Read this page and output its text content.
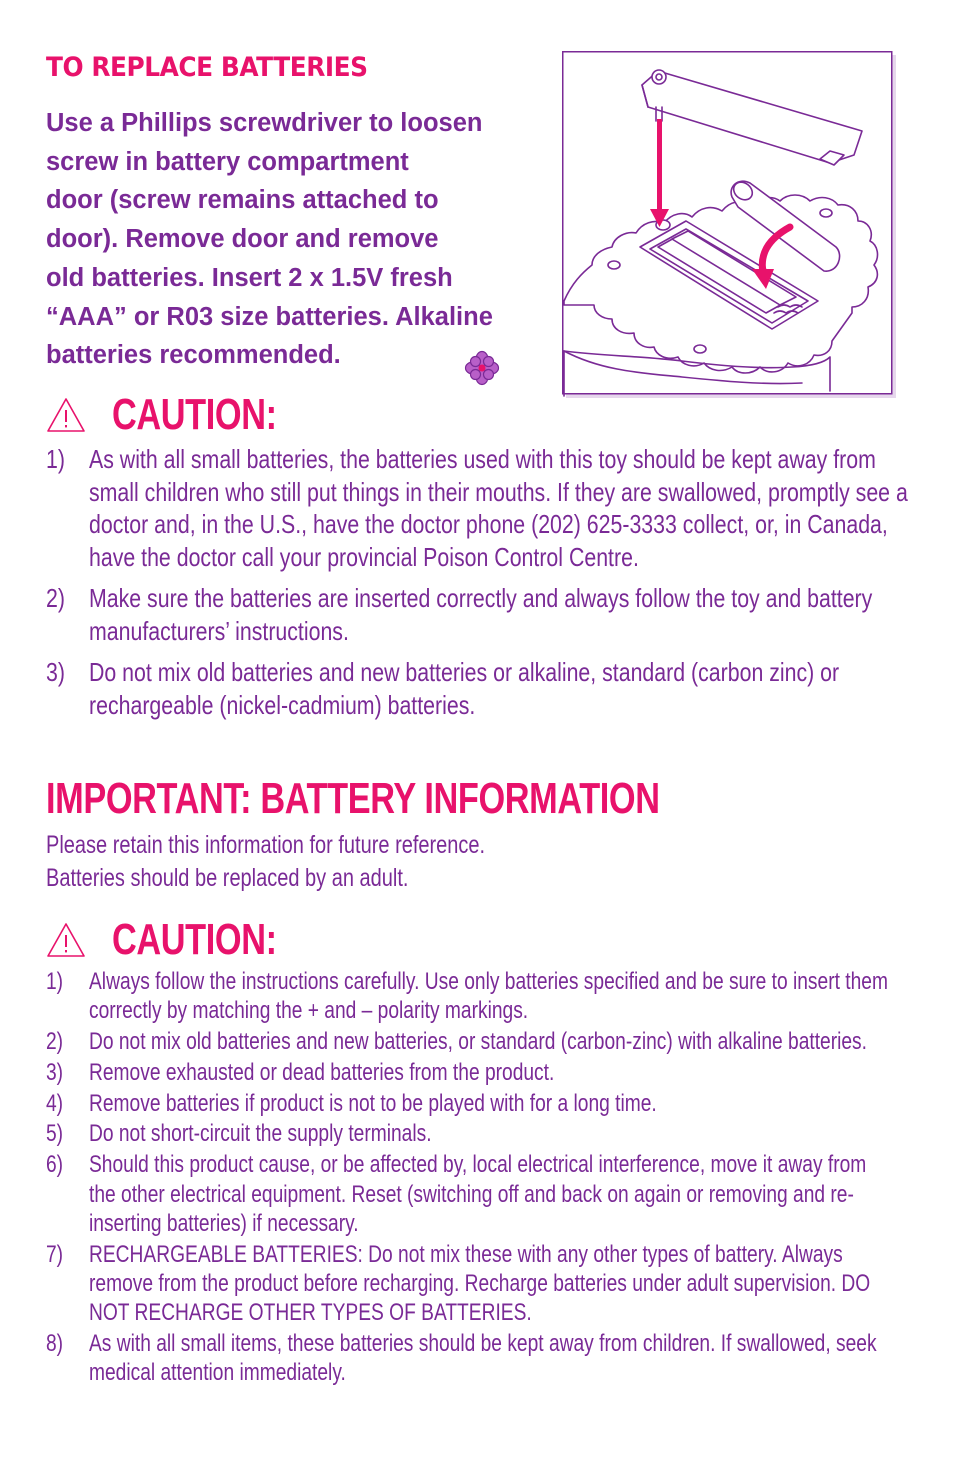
TO REPLACE BATTERIES
Use a Phillips screwdriver to loosen
screw in battery compartment
door (screw remains attached to
door). Remove door and remove
old batteries. Insert 2 x 1.5V fresh
“AAA” or R03 size batteries. Alkaline
batteries recommended.
CAUTION:
1) As with all small batteries, the batteries used with this toy should be kept away from small children who still put things in their mouths. If they are swallowed, promptly see a doctor and, in the U.S., have the doctor phone (202) 625-3333 collect, or, in Canada, have the doctor call your provincial Poison Control Centre.
2) Make sure the batteries are inserted correctly and always follow the toy and battery manufacturers’ instructions.
3) Do not mix old batteries and new batteries or alkaline, standard (carbon zinc) or rechargeable (nickel-cadmium) batteries.
IMPORTANT: BATTERY INFORMATION
Please retain this information for future reference.
Batteries should be replaced by an adult.
CAUTION:
1) Always follow the instructions carefully. Use only batteries specified and be sure to insert them correctly by matching the + and – polarity markings.
2) Do not mix old batteries and new batteries, or standard (carbon-zinc) with alkaline batteries.
3) Remove exhausted or dead batteries from the product.
4) Remove batteries if product is not to be played with for a long time.
5) Do not short-circuit the supply terminals.
6) Should this product cause, or be affected by, local electrical interference, move it away from the other electrical equipment. Reset (switching off and back on again or removing and re-inserting batteries) if necessary.
7) RECHARGEABLE BATTERIES: Do not mix these with any other types of battery. Always remove from the product before recharging. Recharge batteries under adult supervision. DO NOT RECHARGE OTHER TYPES OF BATTERIES.
8) As with all small items, these batteries should be kept away from children. If swallowed, seek medical attention immediately.
